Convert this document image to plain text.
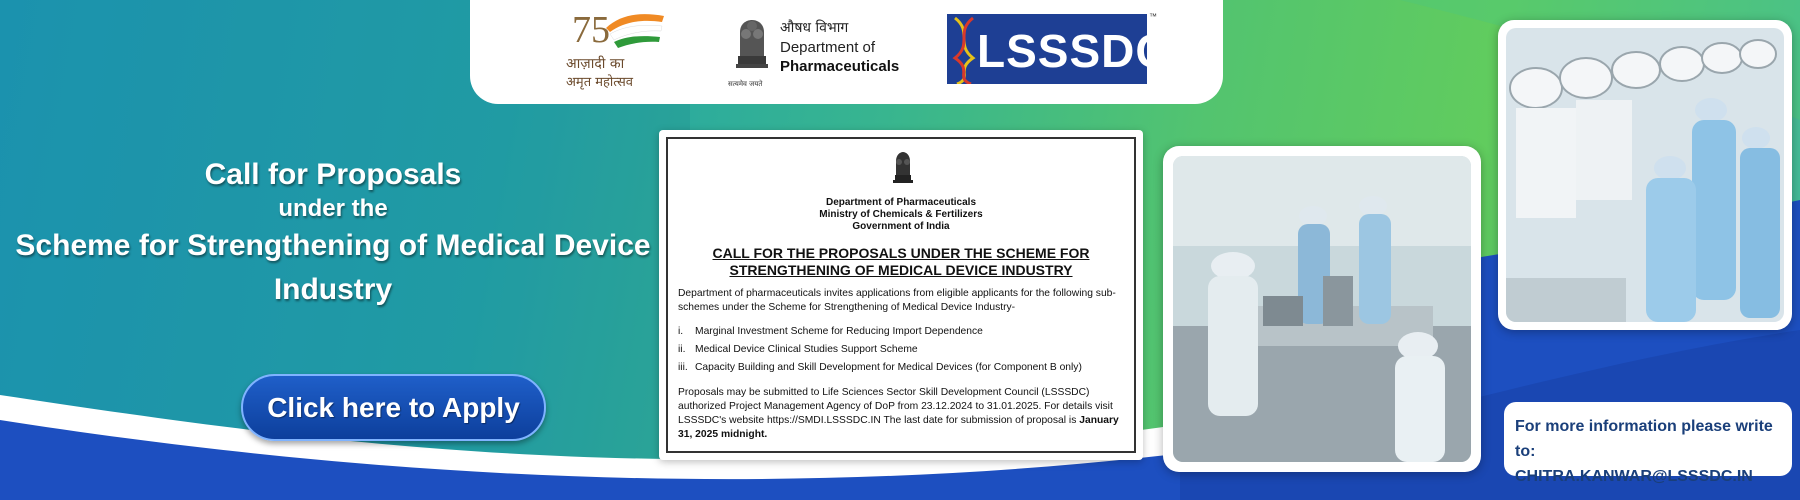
75
आज़ादी का
अमृत महोत्सव
औषध विभाग
Department of
Pharmaceuticals
सत्यमेव जयते
LSSSDC
™
Call for Proposals
under the
Scheme for Strengthening of Medical Device
Industry
Click here to Apply
Department of Pharmaceuticals
Ministry of Chemicals & Fertilizers
Government of India
CALL FOR THE PROPOSALS UNDER THE SCHEME FOR
STRENGTHENING OF MEDICAL DEVICE INDUSTRY

Department of pharmaceuticals invites applications from eligible applicants for the following sub-schemes under the Scheme for Strengthening of Medical Device Industry-

i. Marginal Investment Scheme for Reducing Import Dependence
ii. Medical Device Clinical Studies Support Scheme
iii. Capacity Building and Skill Development for Medical Devices (for Component B only)

Proposals may be submitted to Life Sciences Sector Skill Development Council (LSSSDC) authorized Project Management Agency of DoP from 23.12.2024 to 31.01.2025. For details visit LSSSDC's website https://SMDI.LSSSDC.IN The last date for submission of proposal is January 31, 2025 midnight.	For more information please write to:
CHITRA.KANWAR@LSSSDC.IN
